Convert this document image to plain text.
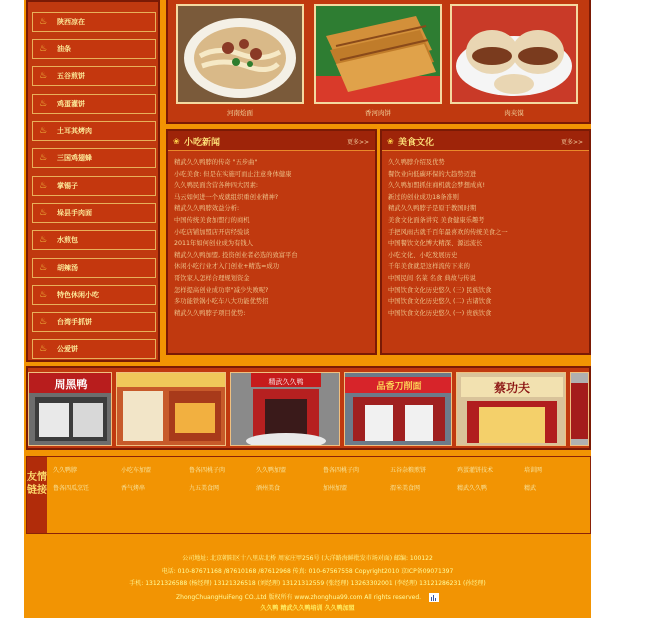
♨ 陕西凉在
♨ 油条
♨ 五谷煎饼
♨ 鸡蛋灌饼
♨ 土耳其烤肉
♨ 三国鸡翅蜂
♨ 掌锡子
♨ 垛县手肉面
♨ 水煎包
♨ 胡辣汤
♨ 特色休闲小吃
♨ 台湾手抓饼
♨ 公爱饼
河南烩面	香河肉饼	肉夹馍
❀ 小吃新闻	更多>>
精武久久鸭脖的传奇 "五步曲"
小吃美食: 但是在实施可而止注意身体健康
久久鸭民面含营各种四大因素:
马云如何进一个成就组织重创业精神?
精武久久鸭脖效益分析:
中国传统美食加盟行的商机
小吃店铺加盟店开店经验谈
2011年如何创业成为有钱人
精武久久鸭加盟, 投资创业者必选的致富平台
休闲小吃行业才入门创业+精选=成功
哥饮家人怎样合理规划资金
怎样提高创业成功率"减少失败呢?
多功能铁锅小吃车八大功能优势招
精武久久鸭脖子项目优势:
❀ 美食文化	更多>>
久久鸭脖介绍及优势
餐饮业向低碳环保的大趋势迈进
久久鸭加盟抓住商机就会梦想成真!
新过的创业成功18条准则
精武久久鸭脖子是原于教国时期
美食文化面条讲究 美食健康乐趣考
手把风雨古就千百年最喜欢的传统美食之一
中国餐饮文化博大精深、源远流长
小吃文化、小吃发展历史
千年美食就是这样流传下来的
中国民间 名菜 名食 典故与传说
中国饮食文化历史悠久 (三) 民族饮食
中国饮食文化历史悠久 (二) 古诸饮食
中国饮食文化历史悠久 (一) 贵族饮食
周黑鸭	精武久久鸭	品香刀削面	蔡功夫
友情链接
久久鸭脖	小吃车加盟	鲁各四桃子肉	久久鸭加盟	鲁各四桃子肉	五谷杂粮煎饼	鸡蛋灌饼技术	培训网
鲁各四瓜烹饪	香气烤串	九五美食网	酒州美食	加州加盟	渭米美食网	精武久久鸭	精武
公司地址: 北京朝阳区十八里店北桥 周家庄甲256号 (大洋路海鲜批发市场对面) 邮编: 100122
电话: 010-87671168 /87610168 /87612968 传真: 010-67567558 Copyright2010 京ICP备09071397
手机: 13121326588 (杨经理) 13121326518 (刘经理) 13121312559 (张经理) 13263302001 (李经理) 13121286231 (孙经理)
ZhongChuangHuiFeng CO.,Ltd 版权所有 www.zhonghua99.com All rights reserved.
久久鸭 精武久久鸭培训 久久鸭加盟
